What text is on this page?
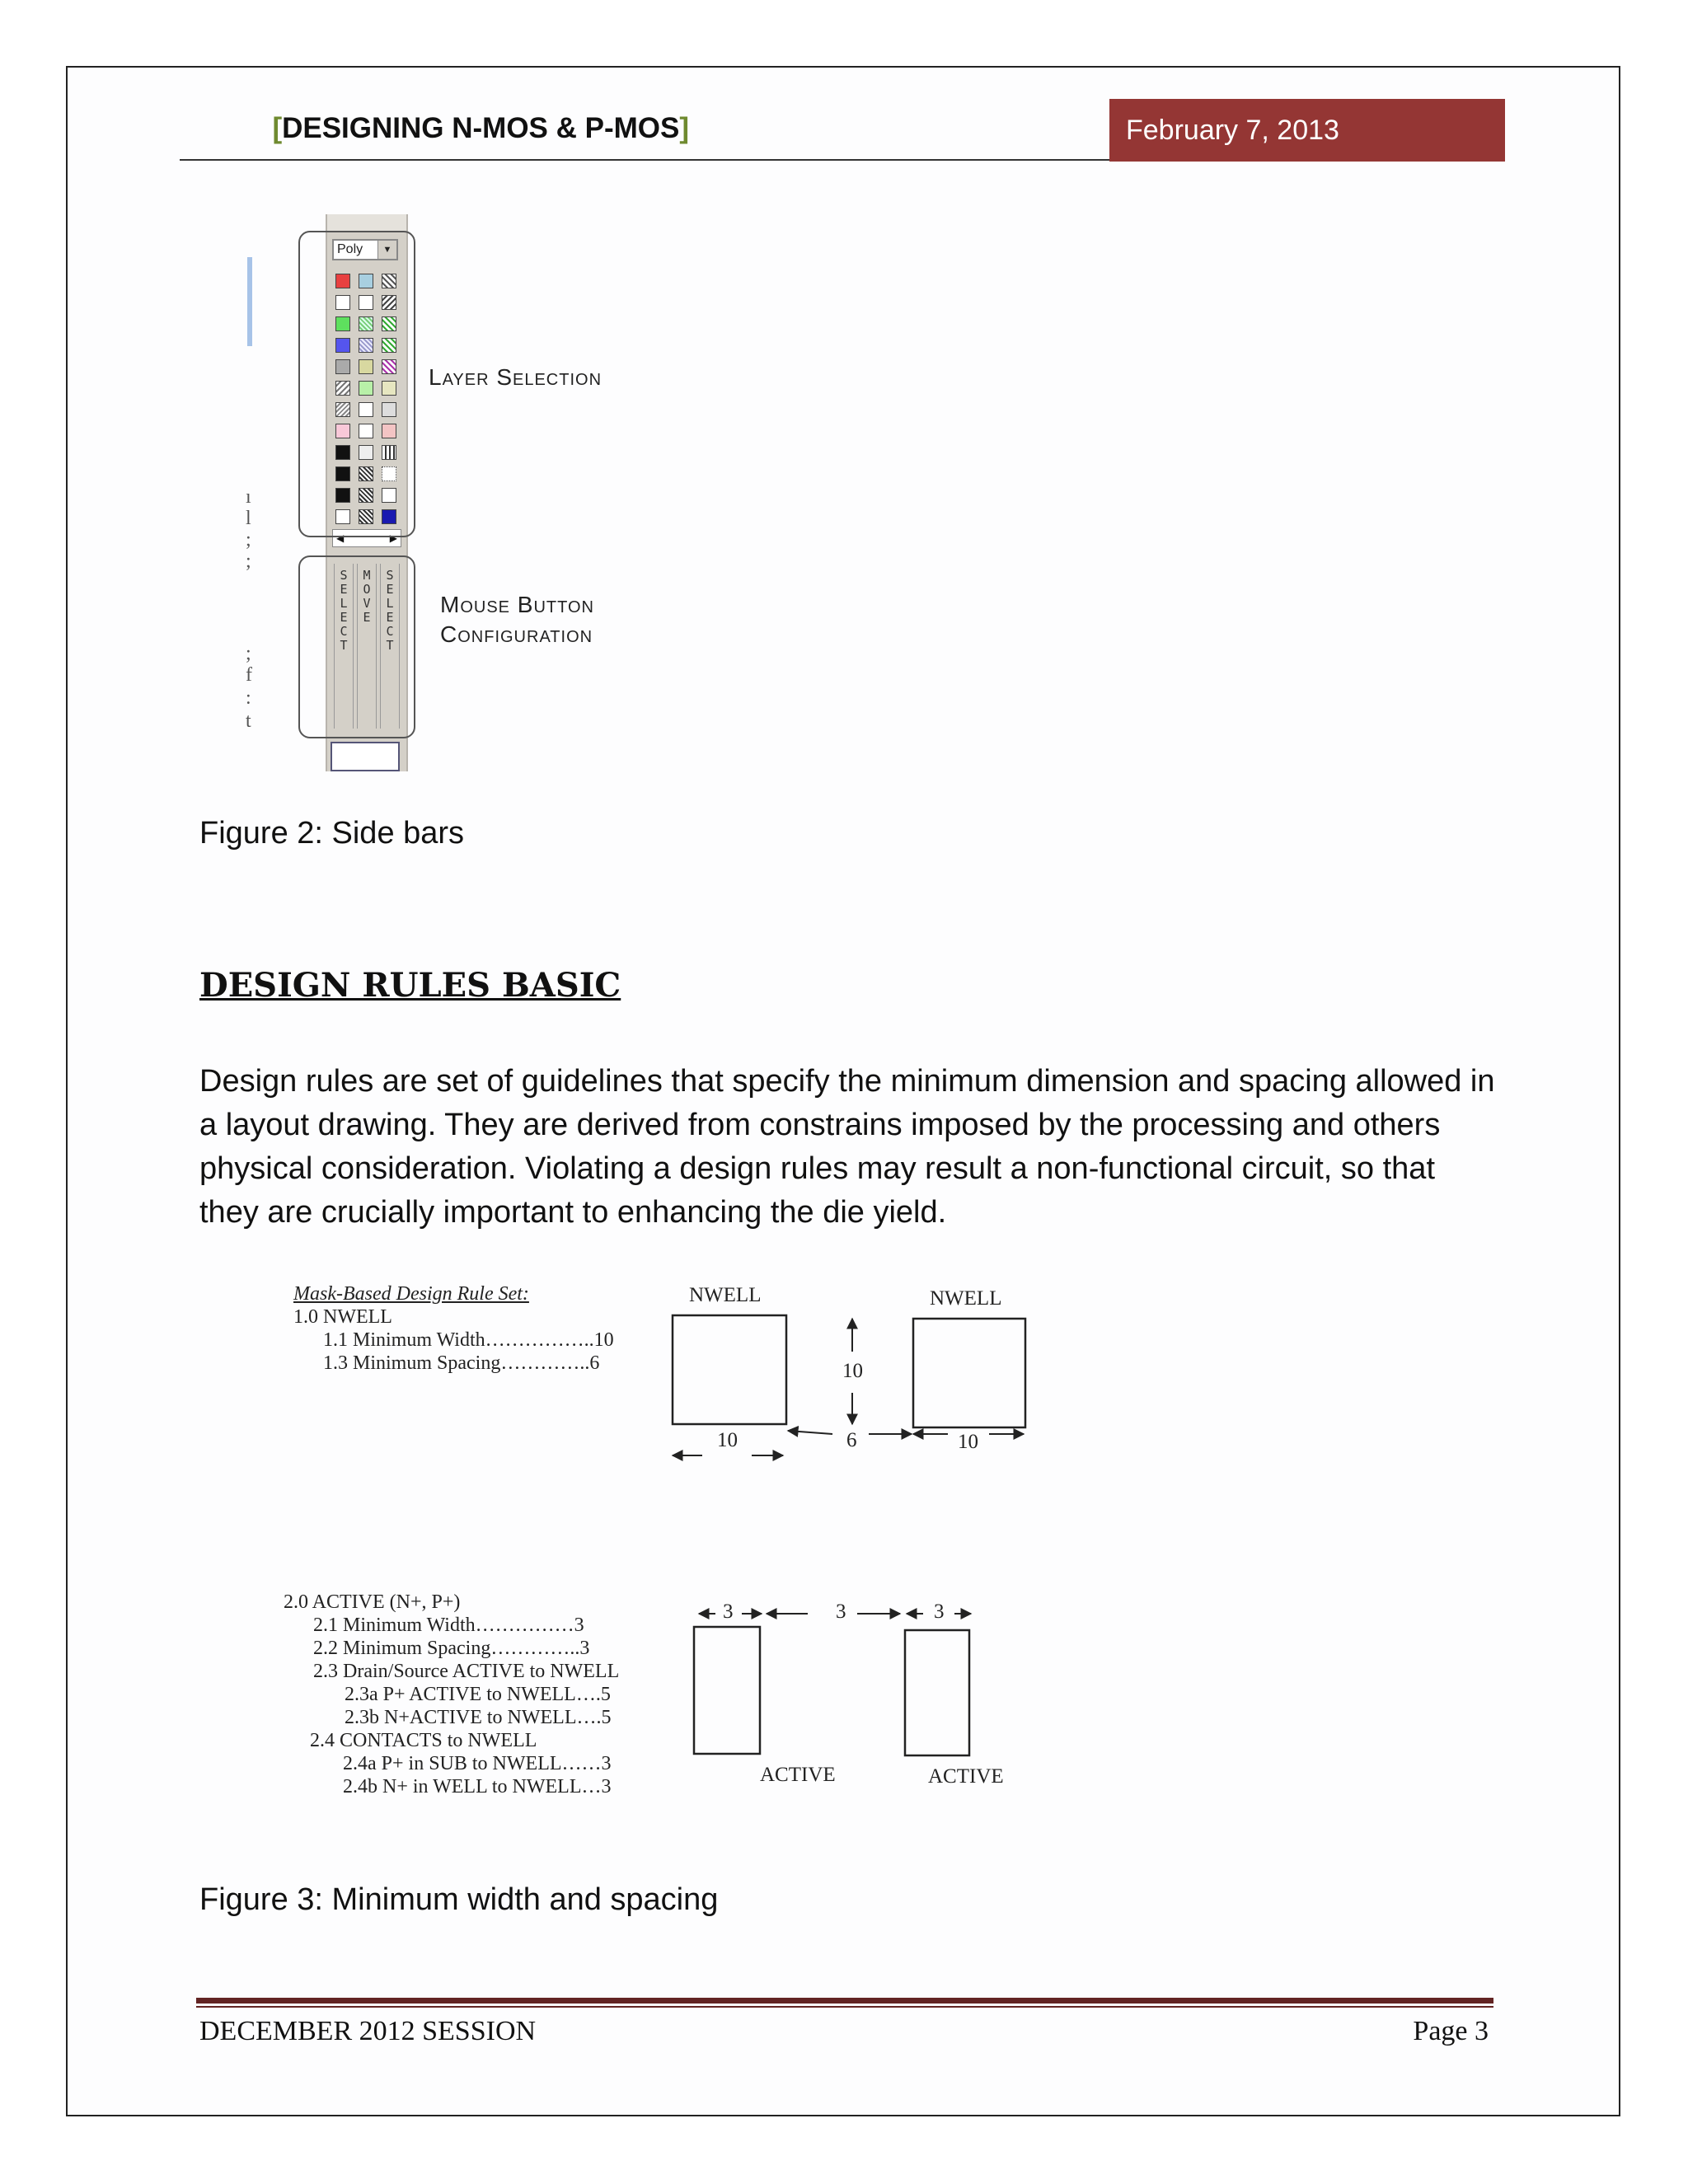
[DESIGNING N-MOS & P-MOS]	February 7, 2013
ı
l
;
;
;
f
:
t
Poly	▼
◀	▶
SELECT
MOVE
SELECT
Layer Selection
Mouse Button
Configuration
Figure 2: Side bars
DESIGN RULES BASIC
Design rules are set of guidelines that specify the minimum dimension and spacing allowed in a layout drawing. They are derived from constrains imposed by the processing and others physical consideration. Violating a design rules may result a non-functional circuit, so that they are crucially important to enhancing the die yield.
Mask-Based Design Rule Set:
1.0 NWELL
1.1 Minimum Width……………..10
1.3 Minimum Spacing…………..6
2.0 ACTIVE (N+, P+)
2.1 Minimum Width……………3
2.2 Minimum Spacing…………..3
2.3 Drain/Source ACTIVE to NWELL
2.3a P+ ACTIVE to NWELL….5
2.3b N+ACTIVE to NWELL….5
2.4 CONTACTS to NWELL
2.4a P+ in SUB to NWELL……3
2.4b N+ in WELL to NWELL…3
NWELL	NWELL
10
10
6	10
3	3	3
ACTIVE	ACTIVE
Figure 3: Minimum width and spacing
DECEMBER 2012 SESSION	Page 3
